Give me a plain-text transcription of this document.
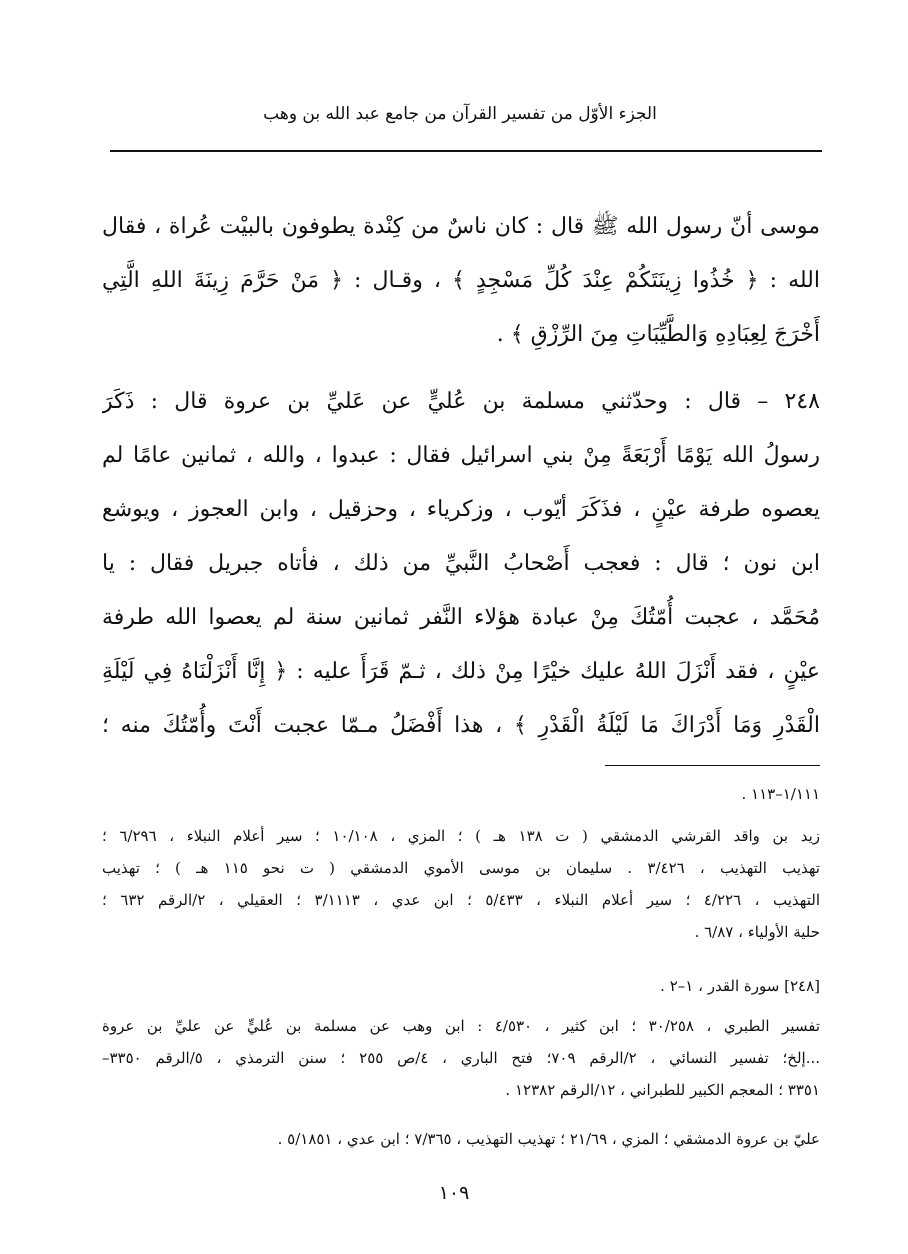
الجزء الأوّل من تفسير القرآن من جامع عبد الله بن وهب
موسى أنّ رسول الله ﷺ قال : كان ناسٌ من كِنْدة يطوفون بالبيْت عُراة ، فقال
الله : ﴿ خُذُوا زِينَتَكُمْ عِنْدَ كُلِّ مَسْجِدٍ ﴾ ، وقـال : ﴿ مَنْ حَرَّمَ زِينَةَ اللهِ الَّتِي
أَخْرَجَ لِعِبَادِهِ وَالطَّيِّبَاتِ مِنَ الرِّزْقِ ﴾ .
٢٤٨ – قال : وحدّثني مسلمة بن عُليٍّ عن عَليِّ بن عروة قال : ذَكَرَ
رسولُ الله يَوْمًا أَرْبَعَةً مِنْ بني اسرائيل فقال : عبدوا ، والله ، ثمانين عامًا لم
يعصوه طرفة عيْنٍ ، فذَكَرَ أيّوب ، وزكرياء ، وحزقيل ، وابن العجوز ، ويوشع
ابن نون ؛ قال : فعجب أَصْحابُ النَّبيِّ من ذلك ، فأتاه جبريل فقال : يا
مُحَمَّد ، عجبت أُمّتُكَ مِنْ عبادة هؤلاء النَّفر ثمانين سنة لم يعصوا الله طرفة
عيْنٍ ، فقد أَنْزَلَ اللهُ عليك خيْرًا مِنْ ذلك ، ثـمّ قَرَأَ عليه : ﴿ إِنَّا أَنْزَلْنَاهُ فِي لَيْلَةِ
الْقَدْرِ وَمَا أَدْرَاكَ مَا لَيْلَةُ الْقَدْرِ ﴾ ، هذا أَفْضَلُ مـمّا عجبت أَنْتَ وأُمّتُكَ منه ؛
١/١١١–١١٣ .
زيد بن واقد القرشي الدمشقي ( ت ١٣٨ هـ ) ؛ المزي ، ١٠/١٠٨ ؛ سير أعلام النبلاء ، ٦/٢٩٦ ؛
تهذيب التهذيب ، ٣/٤٢٦ . سليمان بن موسى الأموي الدمشقي ( ت نحو ١١٥ هـ ) ؛ تهذيب
التهذيب ، ٤/٢٢٦ ؛ سير أعلام النبلاء ، ٥/٤٣٣ ؛ ابن عدي ، ٣/١١١٣ ؛ العقيلي ، ٢/الرقم ٦٣٢ ؛
حلية الأولياء ، ٦/٨٧ .
[٢٤٨] سورة القدر ، ١–٢ .
تفسير الطبري ، ٣٠/٢٥٨ ؛ ابن كثير ، ٤/٥٣٠ : ابن وهب عن مسلمة بن عُليٍّ عن عليِّ بن عروة
...إلخ؛ تفسير النسائي ، ٢/الرقم ٧٠٩؛ فتح الباري ، ٤/ص ٢٥٥ ؛ سنن الترمذي ، ٥/الرقم ٣٣٥٠–
٣٣٥١ ؛ المعجم الكبير للطبراني ، ١٢/الرقم ١٢٣٨٢ .
عليّ بن عروة الدمشقي ؛ المزي ، ٢١/٦٩ ؛ تهذيب التهذيب ، ٧/٣٦٥ ؛ ابن عدي ، ٥/١٨٥١ .
١٠٩
